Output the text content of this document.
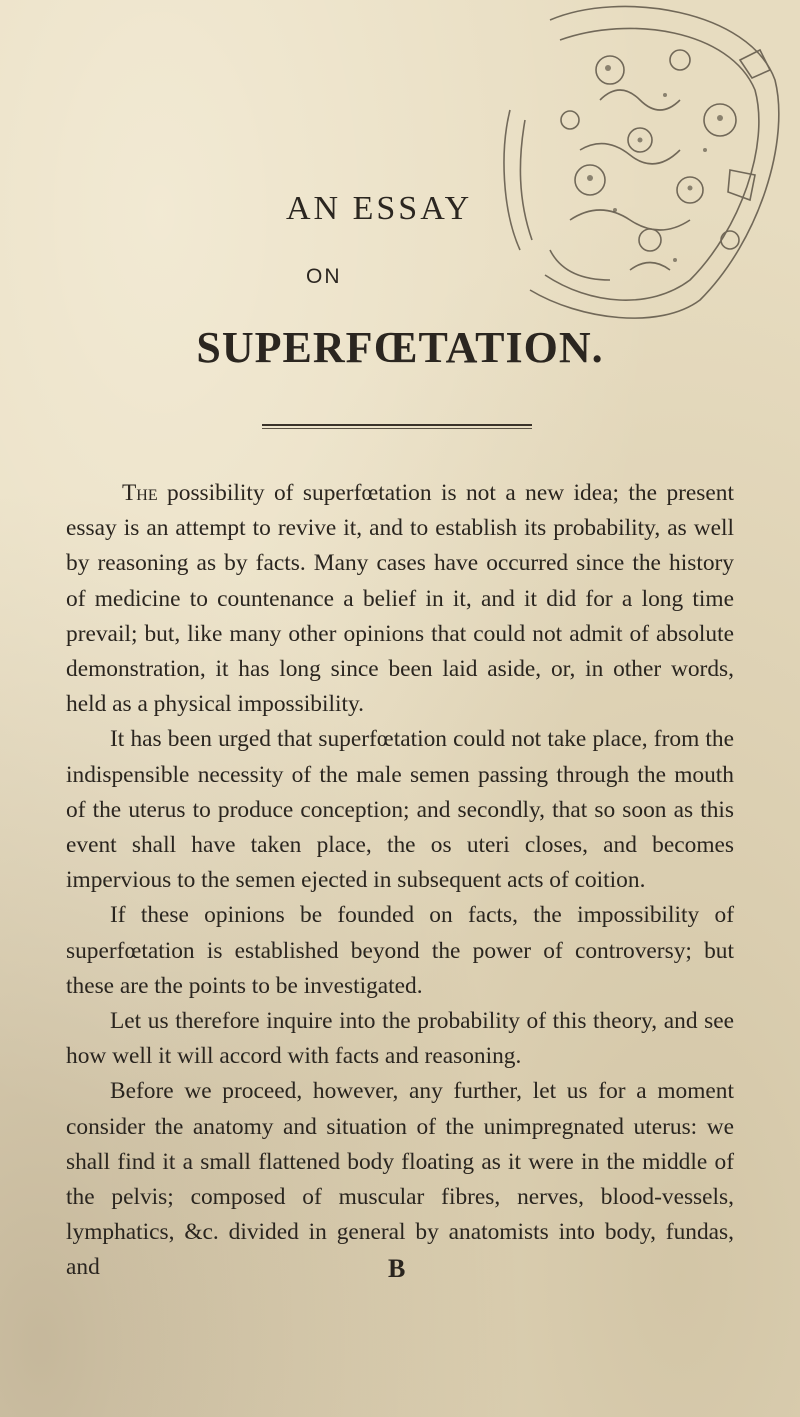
AN ESSAY
ON
SUPERFŒTATION.

The possibility of superfœtation is not a new idea; the present essay is an attempt to revive it, and to establish its probability, as well by reasoning as by facts. Many cases have occurred since the history of medicine to countenance a belief in it, and it did for a long time prevail; but, like many other opinions that could not admit of absolute demonstration, it has long since been laid aside, or, in other words, held as a physical impossibility.

It has been urged that superfœtation could not take place, from the indispensible necessity of the male semen passing through the mouth of the uterus to produce conception; and secondly, that so soon as this event shall have taken place, the os uteri closes, and becomes impervious to the semen ejected in subsequent acts of coition.

If these opinions be founded on facts, the impossibility of superfœtation is established beyond the power of controversy; but these are the points to be investigated.

Let us therefore inquire into the probability of this theory, and see how well it will accord with facts and reasoning.

Before we proceed, however, any further, let us for a moment consider the anatomy and situation of the unimpregnated uterus: we shall find it a small flattened body floating as it were in the middle of the pelvis; composed of muscular fibres, nerves, blood-vessels, lymphatics, &c. divided in general by anatomists into body, fundas, and	B
